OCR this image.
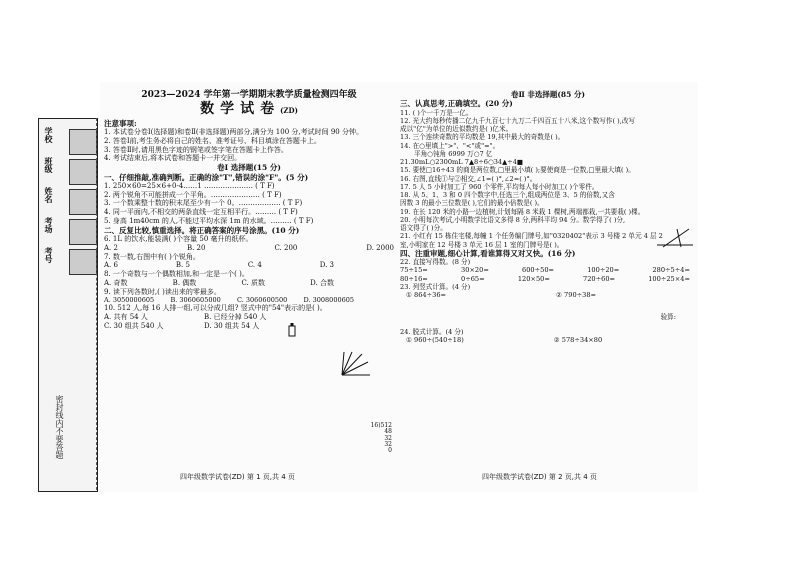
学校
班级
姓名
考场
考号
密封线内不要答题

2023—2024 学年第一学期期末教学质量检测四年级

数学试卷(ZD)

注意事项:

1. 本试卷分卷Ⅰ(选择题)和卷Ⅱ(非选择题)两部分,满分为 100 分,考试时间 90 分钟。

2. 答卷Ⅰ前,考生务必将自己的姓名、准考证号、科目填涂在答题卡上。

3. 答卷Ⅱ时,请用黑色字迹的钢笔或签字笔在答题卡上作答。

4. 考试结束后,将本试卷和答题卡一并交回。

卷Ⅰ 选择题(15 分)

一、仔细推敲,准确判断。正确的涂"T",错误的涂"F"。(5 分)

1. 250×60=25×6+0-4……1 ………………… ( T F)

2. 两个锐角不可能拼成一个平角。………………… ( T F)

3. 一个数乘整十数的积末尾至少有一个 0。……………… ( T F)

4. 同一平面内,不相交的两条直线一定互相平行。……… ( T F)

5. 身高 1m40cm 的人,不能过平均水深 1m 的水域。……… ( T F)

二、反复比较,慎重选择。将正确答案的序号涂黑。(10 分)

6. 1L 的饮水,能装满( )个容量 50 毫升的纸杯。

A. 2	B. 20	C. 200	D. 2000

7. 数一数,右图中有( )个锐角。

A. 6	B. 5	C. 4	D. 3

8. 一个奇数与一个偶数相加,和一定是一个( )。

A. 奇数	B. 偶数	C. 质数	D. 合数

9. 读下列各数时,( )读出来的零最多。

A. 3050000605	B. 3060605000	C. 3060600500	D. 3008000605

10. 512 人,每 16 人排一组,可以分成几组? 竖式中的"54"表示的是( )。

A. 共有 54 人	B. 已经分掉 540 人
C. 30 组共 540 人	D. 30 组共 54 人
16)512
48
32
32
0

卷Ⅱ 非选择题(85 分)

三、认真思考,正确填空。(20 分)

11. ( )个一千万是一亿。

12. 光大约每秒传播二亿九千九百七十九万二千四百五十八米,这个数写作( ),改写

成以"亿"为单位的近似数约是( )亿米。

13. 三个连续奇数的平均数是 19,其中最大的奇数是( )。

14. 在○里填上">"、"<"或"="。

平角○钝角 6999 万○7 亿

21.30mL○2300mL 7▲8÷6○34▲÷4■

15. 要使□16÷43 的商是两位数,□里最小填( );要使商是一位数,□里最大填( )。

16. 右图,直线①与②相交,∠1=( )°,∠2=( )°。

17. 5 人 5 小时加工了 960 个零件,平均每人每小时加工( )个零件。

18. 从 5、1、3 和 0 四个数字中,任选三个,组成两位是 3、5 的倍数,又含

因数 3 的最小三位数是( ),它们的最小倍数是( )。

19. 在长 120 米的小路一边植树,计划每隔 8 米栽 1 棵树,两端都栽,一共要栽( )棵。

20. 小明每次考试,小明数学比语文多得 8 分,两科平均 94 分。数学得了( )分,

语文得了( )分。

21. 小红有 15 栋住宅楼,每幢 1 个任务编门牌号,如"0320402"表示 3 号楼 2 单元 4 层 2

室,小明家在 12 号楼 3 单元 16 层 1 室的门牌号是( )。

四、注重审题,细心计算,看谁算得又对又快。(16 分)

22. 直接写得数。(8 分)

75÷15=	30×20=	600÷50=	100÷20=	280÷5÷4=
80÷16=	0÷65=	120×50=	720÷60=	100÷25×4=

23. 列竖式计算。(4 分)

① 864÷36=	② 790÷38=

验算:

24. 脱式计算。(4 分)

① 960÷(540÷18)	② 578÷34×80
四年级数学试卷(ZD) 第 1 页,共 4 页	四年级数学试卷(ZD) 第 2 页,共 4 页
